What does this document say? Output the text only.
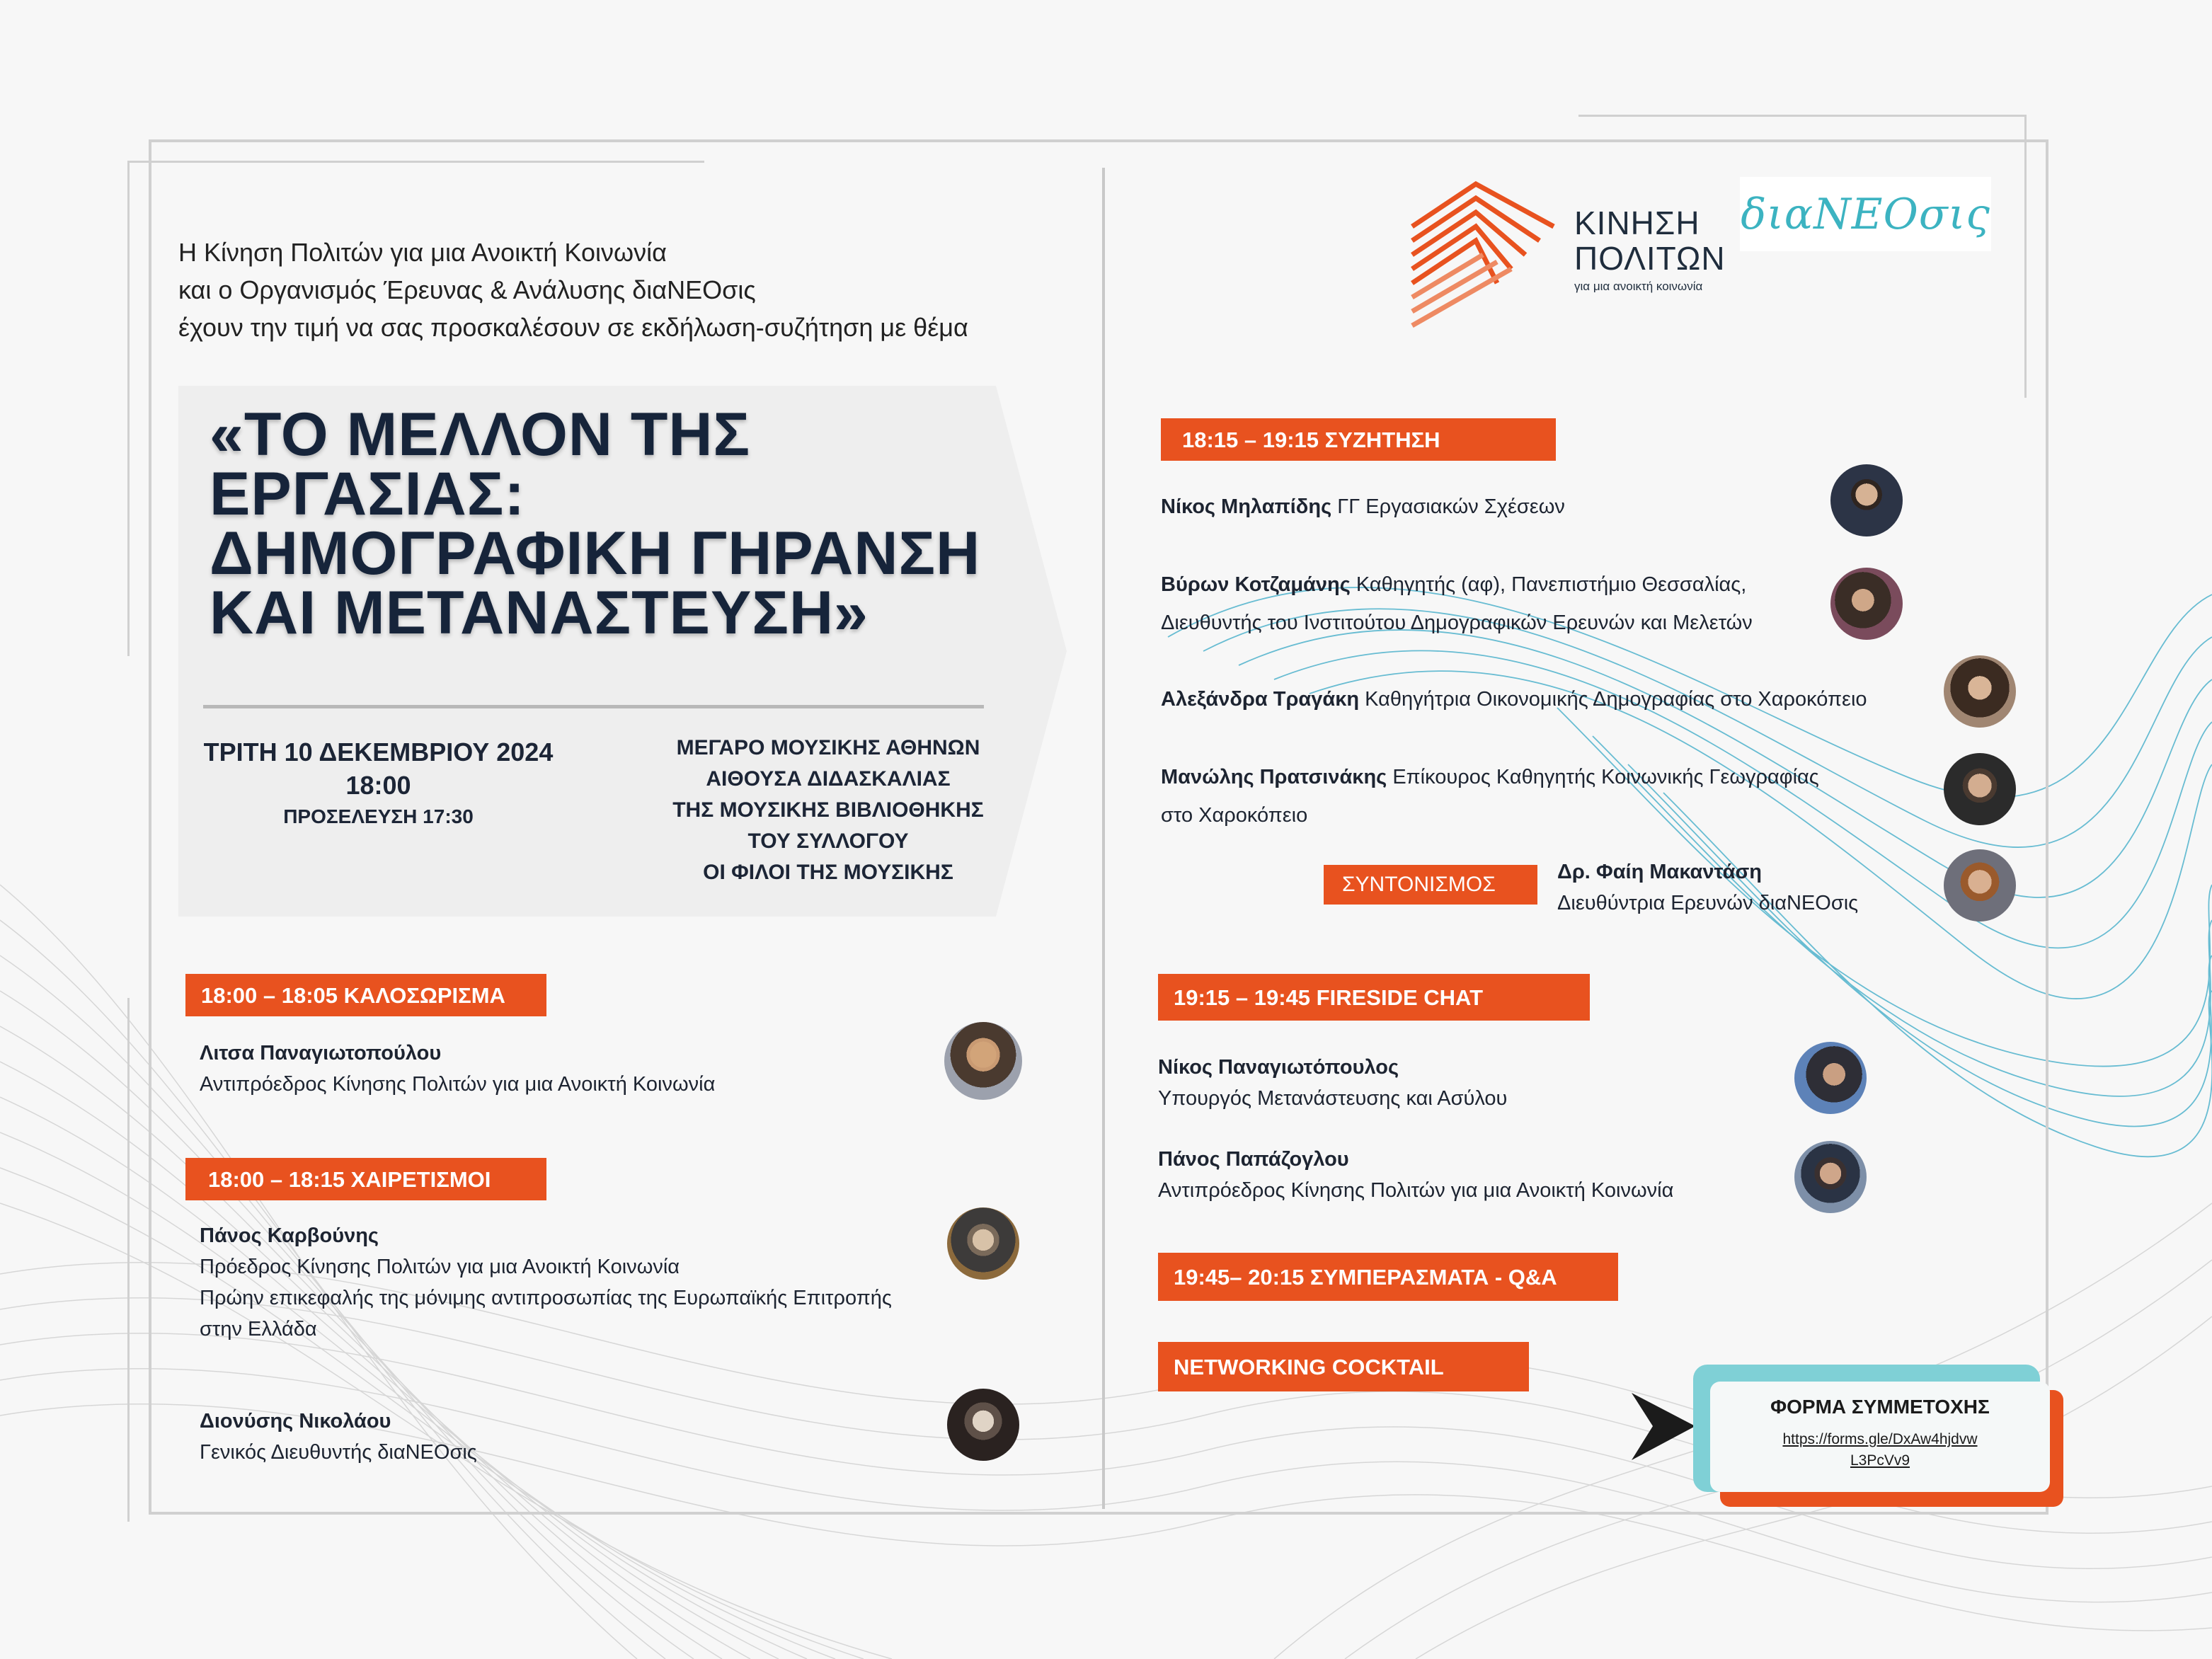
Η Κίνηση Πολιτών για μια Ανοικτή Κοινωνία
και ο Οργανισμός Έρευνας & Ανάλυσης διαΝΕΟσις
έχουν την τιμή να σας προσκαλέσουν σε εκδήλωση-συζήτηση με θέμα
«ΤΟ ΜΕΛΛΟΝ ΤΗΣ
ΕΡΓΑΣΙΑΣ:
ΔΗΜΟΓΡΑΦΙΚΗ ΓΗΡΑΝΣΗ
ΚΑΙ ΜΕΤΑΝΑΣΤΕΥΣΗ»
ΤΡΙΤΗ 10 ΔΕΚΕΜΒΡΙΟΥ 2024
18:00
ΠΡΟΣΕΛΕΥΣΗ 17:30
ΜΕΓΑΡΟ ΜΟΥΣΙΚΗΣ ΑΘΗΝΩΝ
ΑΙΘΟΥΣΑ ΔΙΔΑΣΚΑΛΙΑΣ
ΤΗΣ ΜΟΥΣΙΚΗΣ ΒΙΒΛΙΟΘΗΚΗΣ
ΤΟΥ ΣΥΛΛΟΓΟΥ
ΟΙ ΦΙΛΟΙ ΤΗΣ ΜΟΥΣΙΚΗΣ
ΚΙΝΗΣΗ
ΠΟΛΙΤΩΝ
για μια ανοικτή κοινωνία
διαΝΕΟσις
18:00 – 18:05 ΚΑΛΟΣΩΡΙΣΜΑ
Λιτσα Παναγιωτοπούλου
Αντιπρόεδρος Κίνησης Πολιτών για μια Ανοικτή Κοινωνία
18:00 – 18:15 ΧΑΙΡΕΤΙΣΜΟΙ
Πάνος Καρβούνης
Πρόεδρος Κίνησης Πολιτών για μια Ανοικτή Κοινωνία
Πρώην επικεφαλής της μόνιμης αντιπροσωπίας της Ευρωπαϊκής Επιτροπής
στην Ελλάδα
Διονύσης Νικολάου
Γενικός Διευθυντής διαΝΕΟσις
18:15 – 19:15 ΣΥΖΗΤΗΣΗ
Νίκος Μηλαπίδης ΓΓ Εργασιακών Σχέσεων
Βύρων Κοτζαμάνης Καθηγητής (αφ), Πανεπιστήμιο Θεσσαλίας,
Διευθυντής του Ινστιτούτου Δημογραφικών Ερευνών και Μελετών
Αλεξάνδρα Τραγάκη Καθηγήτρια Οικονομικής Δημογραφίας στο Χαροκόπειο
Μανώλης Πρατσινάκης Επίκουρος Καθηγητής Κοινωνικής Γεωγραφίας
στο Χαροκόπειο
ΣΥΝΤΟΝΙΣΜΟΣ
Δρ. Φαίη Μακαντάση
Διευθύντρια Ερευνών διαΝΕΟσις
19:15 – 19:45 FIRESIDE CHAT
Νίκος Παναγιωτόπουλος
Υπουργός Μετανάστευσης και Ασύλου
Πάνος Παπάζογλου
Αντιπρόεδρος Κίνησης Πολιτών για μια Ανοικτή Κοινωνία
19:45– 20:15 ΣΥΜΠΕΡΑΣΜΑΤΑ - Q&A
NETWORKING COCKTAIL
ΦΟΡΜΑ ΣΥΜΜΕΤΟΧΗΣ
https://forms.gle/DxAw4hjdvw
L3PcVv9
